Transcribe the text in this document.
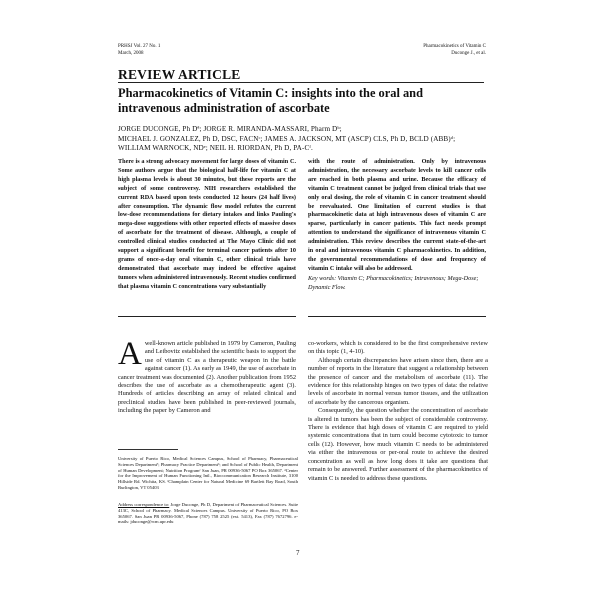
PRHSJ Vol. 27 No. 1
March, 2008
Pharmacokinetics of Vitamin C
Duconge J., et al.
REVIEW ARTICLE
Pharmacokinetics of Vitamin C: insights into the oral and intravenous administration of ascorbate
JORGE DUCONGE, Ph Dª; JORGE R. MIRANDA-MASSARI, Pharm Dᵇ;
MICHAEL J. GONZALEZ, Ph D, DSC, FACNᶜ; JAMES A. JACKSON, MT (ASCP) CLS, Ph D, BCLD (ABB)ᵈ;
WILLIAM WARNOCK, NDᵉ; NEIL H. RIORDAN, Ph D, PA-Cᶠ.

There is a strong advocacy movement for large doses of vitamin C. Some authors argue that the biological half-life for vitamin C at high plasma levels is about 30 minutes, but these reports are the subject of some controversy. NIH researchers established the current RDA based upon tests conducted 12 hours (24 half lives) after consumption. The dynamic flow model refutes the current low-dose recommendations for dietary intakes and links Pauling's mega-dose suggestions with other reported effects of massive doses of ascorbate for the treatment of disease. Although, a couple of controlled clinical studies conducted at The Mayo Clinic did not support a significant benefit for terminal cancer patients after 10 grams of once-a-day oral vitamin C, other clinical trials have demonstrated that ascorbate may indeed be effective against tumors when administered intravenously. Recent studies confirmed that plasma vitamin C concentrations vary substantially

with the route of administration. Only by intravenous administration, the necessary ascorbate levels to kill cancer cells are reached in both plasma and urine. Because the efficacy of vitamin C treatment cannot be judged from clinical trials that use only oral dosing, the role of vitamin C in cancer treatment should be reevaluated. One limitation of current studies is that pharmacokinetic data at high intravenous doses of vitamin C are sparse, particularly in cancer patients. This fact needs prompt attention to understand the significance of intravenous vitamin C administration. This review describes the current state-of-the-art in oral and intravenous vitamin C pharmacokinetics. In addition, the governmental recommendations of dose and frequency of vitamin C intake will also be addressed.

Key words: Vitamin C; Pharmacokinetics; Intravenous; Mega-Dose; Dynamic Flow.

Awell-known article published in 1979 by Cameron, Pauling and Leibovitz established the scientific basis to support the use of vitamin C as a therapeutic weapon in the battle against cancer (1). As early as 1949, the use of ascorbate in cancer treatment was documented (2). Another publication from 1952 describes the use of ascorbate as a chemotherapeutic agent (3). Hundreds of articles describing an array of related clinical and preclinical studies have been published in peer-reviewed journals, including the paper by Cameron and

co-workers, which is considered to be the first comprehensive review on this topic (1, 4-10).

Although certain discrepancies have arisen since then, there are a number of reports in the literature that suggest a relationship between the presence of cancer and the metabolism of ascorbate (11). The evidence for this relationship hinges on two types of data: the relative levels of ascorbate in normal versus tumor tissues, and the utilization of ascorbate by the cancerous organism.

Consequently, the question whether the concentration of ascorbate is altered in tumors has been the subject of considerable controversy. There is evidence that high doses of vitamin C are required to yield systemic concentrations that in turn could become cytotoxic to tumor cells (12). However, how much vitamin C needs to be administered via either the intravenous or per-oral route to achieve the desired concentration as well as how long does it take are questions that remain to be answered. Further assessment of the pharmacokinetics of vitamin C is needed to address these questions.

University of Puerto Rico, Medical Sciences Campus, School of Pharmacy, Pharmaceutical Sciences Departmentª; Pharmacy Practice Departmentᵇ; and School of Public Health, Department of Human Development; Nutrition Programᶜ San Juan, PR 00936-5067 PO Box 365067. ᵈCenter for the Improvement of Human Functioning Intl., Bioccommunication Research Institute, 3100 Hillside Rd. Wichita, KS. ᶠChamplain Center for Natural Medicine 69 Bartlett Bay Road, South Burlington, VT 05403
Address correspondence to: Jorge Duconge, Ph D, Department of Pharmaceutical Sciences. Suite 413C, School of Pharmacy. Medical Sciences Campus. University of Puerto Rico, PO Box 365067. San Juan PR 00936-5067, Phone (787) 758 2525 (ext. 5413), Fax (787) 7672796. e-mails: jduconge@rcm.upr.edu
7
